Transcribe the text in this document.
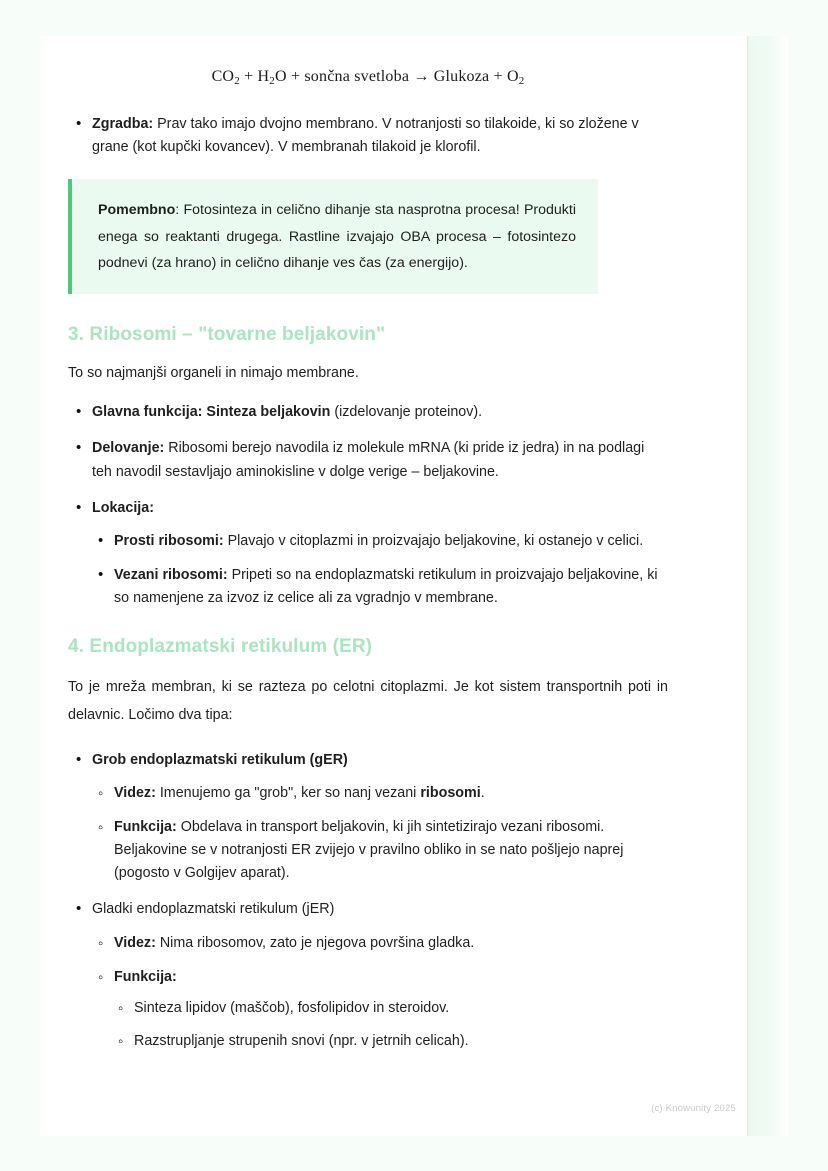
$CO_2 + H_2O$ + sončna svetloba → Glukoza + $O_2$
• Zgradba: Prav tako imajo dvojno membrano. V notranjosti so tilakoide, ki so zložene v grane (kot kupčki kovancev). V membranah tilakoid je klorofil.

Pomembno: Fotosinteza in celično dihanje sta nasprotna procesa! Produkti enega so reaktanti drugega. Rastline izvajajo OBA procesa – fotosintezo podnevi (za hrano) in celično dihanje ves čas (za energijo).

3. Ribosomi – "tovarne beljakovin"

To so najmanjši organeli in nimajo membrane.

• Glavna funkcija: Sinteza beljakovin (izdelovanje proteinov).
• Delovanje: Ribosomi berejo navodila iz molekule mRNA (ki pride iz jedra) in na podlagi teh navodil sestavljajo aminokisline v dolge verige – beljakovine.
• Lokacija:
• Prosti ribosomi: Plavajo v citoplazmi in proizvajajo beljakovine, ki ostanejo v celici.
• Vezani ribosomi: Pripeti so na endoplazmatski retikulum in proizvajajo beljakovine, ki so namenjene za izvoz iz celice ali za vgradnjo v membrane.
4. Endoplazmatski retikulum (ER)

To je mreža membran, ki se razteza po celotni citoplazmi. Je kot sistem transportnih poti in delavnic. Ločimo dva tipa:

• Grob endoplazmatski retikulum (gER)
◦ Videz: Imenujemo ga "grob", ker so nanj vezani ribosomi.
◦ Funkcija: Obdelava in transport beljakovin, ki jih sintetizirajo vezani ribosomi. Beljakovine se v notranjosti ER zvijejo v pravilno obliko in se nato pošljejo naprej (pogosto v Golgijev aparat).
• Gladki endoplazmatski retikulum (jER)
◦ Videz: Nima ribosomov, zato je njegova površina gladka.
◦ Funkcija:
◦ Sinteza lipidov (maščob), fosfolipidov in steroidov.
◦ Razstrupljanje strupenih snovi (npr. v jetrnih celicah).
(c) Knowunity 2025
